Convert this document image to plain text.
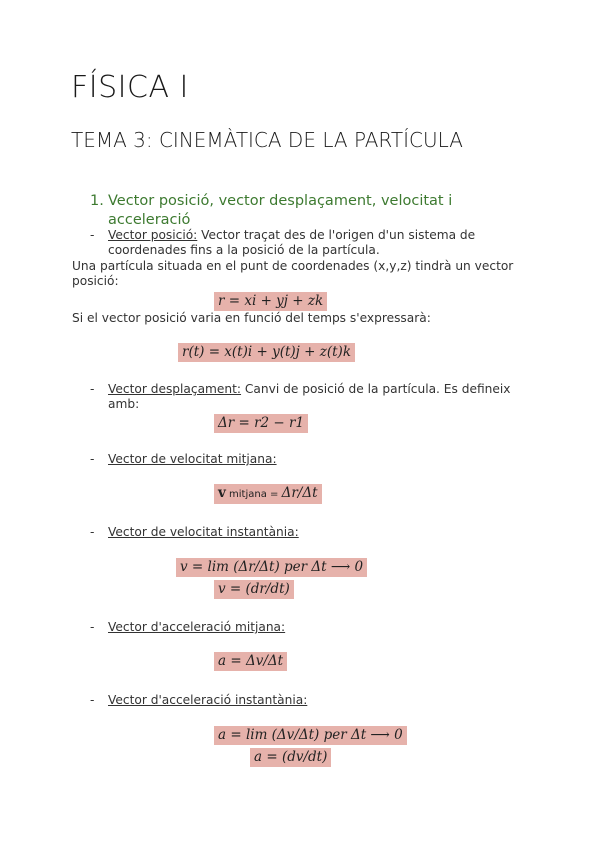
FÍSICA I
TEMA 3: CINEMÀTICA DE LA PARTÍCULA
1. Vector posició, vector desplaçament, velocitat i acceleració
- Vector posició: Vector traçat des de l'origen d'un sistema de
coordenades fins a la posició de la partícula.
Una partícula situada en el punt de coordenades (x,y,z) tindrà un vector
posició:
r = xi + yj + zk
Si el vector posició varia en funció del temps s'expressarà:
r(t) = x(t)i + y(t)j + z(t)k
- Vector desplaçament: Canvi de posició de la partícula. Es defineix
amb:
Δr = r2 − r1
- Vector de velocitat mitjana:
v mitjana = Δr/Δt
- Vector de velocitat instantània:
v = lim (Δr/Δt) per Δt ⟶ 0
v = (dr/dt)
- Vector d'acceleració mitjana:
a = Δv/Δt
- Vector d'acceleració instantània:
a = lim (Δv/Δt) per Δt ⟶ 0
a = (dv/dt)
